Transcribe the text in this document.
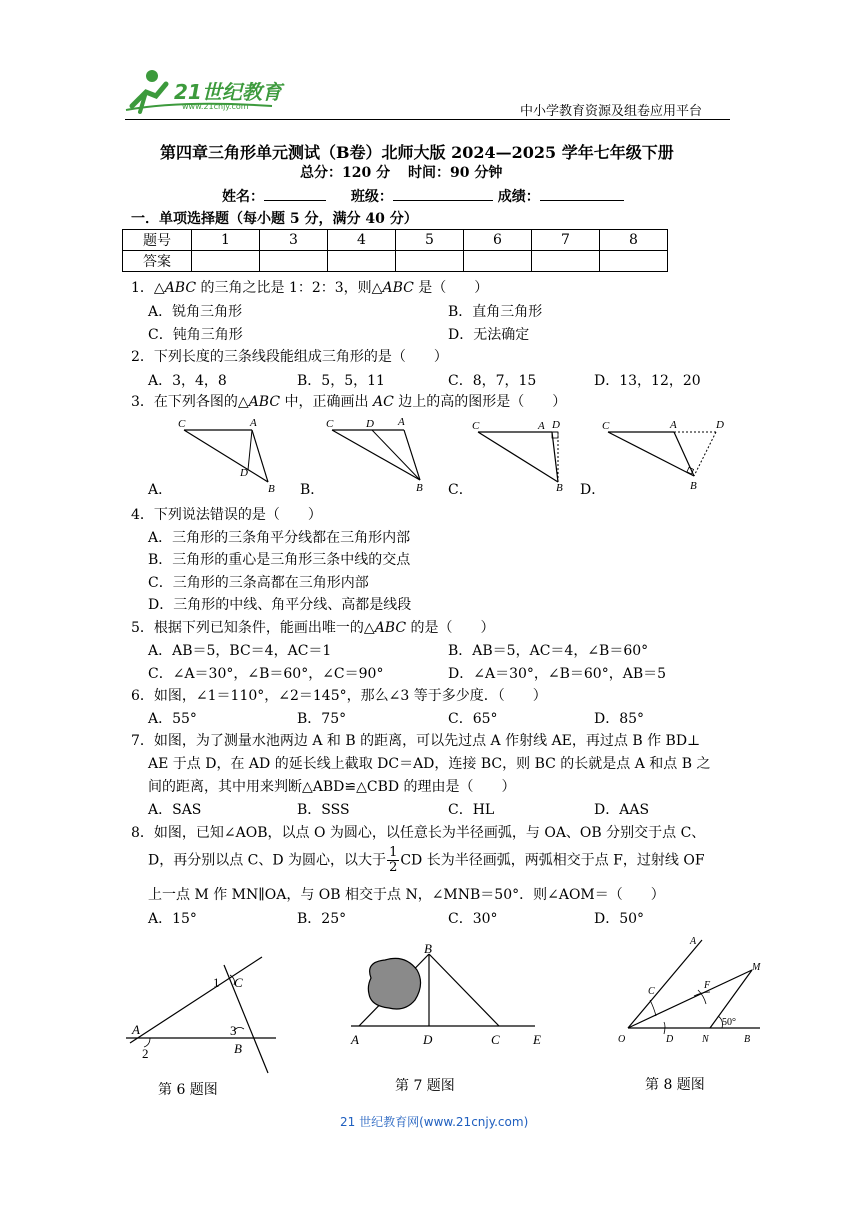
21世纪教育
www.21cnjy.com	中小学教育资源及组卷应用平台
第四章三角形单元测试（B卷）北师大版 2024—2025 学年七年级下册
总分：120 分 时间：90 分钟
姓名：	班级：	成绩：
一．单项选择题（每小题 5 分，满分 40 分）
题号	1	3	4	5	6	7	8
答案							
1．△ABC 的三角之比是 1：2：3，则△ABC 是（　　）
A．锐角三角形	B．直角三角形
C．钝角三角形	D．无法确定
2．下列长度的三条线段能组成三角形的是（　　）
A．3，4，8	B．5，5，11	C．8，7，15	D．13，12，20
3．在下列各图的△ABC 中，正确画出 AC 边上的高的图形是（　　）
C	A
D
B
A．
C	D A
B
B．
C	A D
B
C．
C	A	D
B
D．
4．下列说法错误的是（　　）
A．三角形的三条角平分线都在三角形内部
B．三角形的重心是三角形三条中线的交点
C．三角形的三条高都在三角形内部
D．三角形的中线、角平分线、高都是线段
5．根据下列已知条件，能画出唯一的△ABC 的是（　　）
A．AB＝5，BC＝4，AC＝1	B．AB＝5，AC＝4，∠B＝60°
C．∠A＝30°，∠B＝60°，∠C＝90°	D．∠A＝30°，∠B＝60°，AB＝5
6．如图，∠1＝110°，∠2＝145°，那么∠3 等于多少度．（　　）
A．55°	B．75°	C．65°	D．85°
7．如图，为了测量水池两边 A 和 B 的距离，可以先过点 A 作射线 AE，再过点 B 作 BD⊥
AE 于点 D，在 AD 的延长线上截取 DC＝AD，连接 BC，则 BC 的长就是点 A 和点 B 之
间的距离，其中用来判断△ABD≌△CBD 的理由是（　　）
A．SAS	B．SSS	C．HL	D．AAS
8．如图，已知∠AOB，以点 O 为圆心，以任意长为半径画弧，与 OA、OB 分别交于点 C、
D，再分别以点 C、D 为圆心，以大于 $\frac{1}{2}$ CD 长为半径画弧，两弧相交于点 F，过射线 OF
上一点 M 作 MN∥OA，与 OB 相交于点 N，∠MNB＝50°．则∠AOM＝（　　）
A．15°	B．25°	C．30°	D．50°
1
2
3
A
B
C
第 6 题图
B
A	D	C	E
第 7 题图
A
B
C
D
F
M
N
O
50°
第 8 题图
21 世纪教育网(www.21cnjy.com)
